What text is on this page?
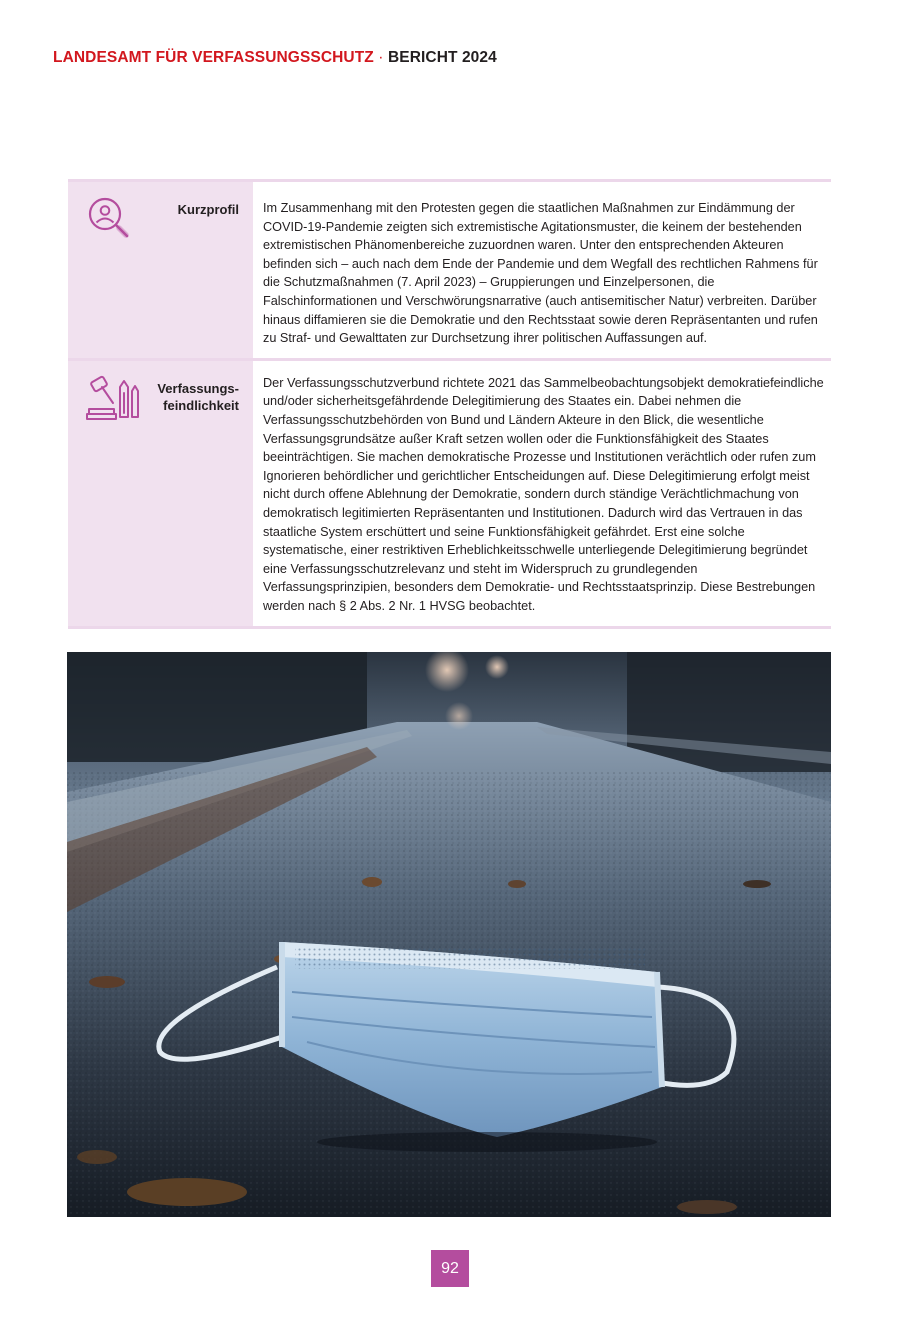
LANDESAMT FÜR VERFASSUNGSSCHUTZ · BERICHT 2024
Kurzprofil	Im Zusammenhang mit den Protesten gegen die staatlichen Maßnahmen zur Eindämmung der COVID-19-Pandemie zeigten sich extremistische Agitationsmuster, die keinem der bestehenden extremistischen Phänomenbereiche zuzuordnen waren. Unter den entsprechenden Akteuren befinden sich – auch nach dem Ende der Pandemie und dem Wegfall des rechtlichen Rahmens für die Schutzmaßnahmen (7. April 2023) – Gruppierungen und Einzelpersonen, die Falschinformationen und Verschwörungsnarrative (auch antisemitischer Natur) verbreiten. Darüber hinaus diffamieren sie die Demokratie und den Rechtsstaat sowie deren Repräsentanten und rufen zu Straf- und Gewalttaten zur Durchsetzung ihrer politischen Auffassungen auf.
Verfassungs-
feindlichkeit
Der Verfassungsschutzverbund richtete 2021 das Sammelbeobachtungsobjekt demokratiefeindliche und/oder sicherheitsgefährdende Delegitimierung des Staates ein. Dabei nehmen die Verfassungsschutzbehörden von Bund und Ländern Akteure in den Blick, die wesentliche Verfassungsgrundsätze außer Kraft setzen wollen oder die Funktionsfähigkeit des Staates beeinträchtigen. Sie machen demokratische Prozesse und Institutionen verächtlich oder rufen zum Ignorieren behördlicher und gerichtlicher Entscheidungen auf. Diese Delegitimierung erfolgt meist nicht durch offene Ablehnung der Demokratie, sondern durch ständige Verächtlichmachung von demokratisch legitimierten Repräsentanten und Institutionen. Dadurch wird das Vertrauen in das staatliche System erschüttert und seine Funktionsfähigkeit gefährdet. Erst eine solche systematische, einer restriktiven Erheblichkeitsschwelle unterliegende Delegitimierung begründet eine Verfassungsschutzrelevanz und steht im Widerspruch zu grundlegenden Verfassungsprinzipien, besonders dem Demokratie- und Rechtsstaatsprinzip. Diese Bestrebungen werden nach § 2 Abs. 2 Nr. 1 HVSG beobachtet.
92
